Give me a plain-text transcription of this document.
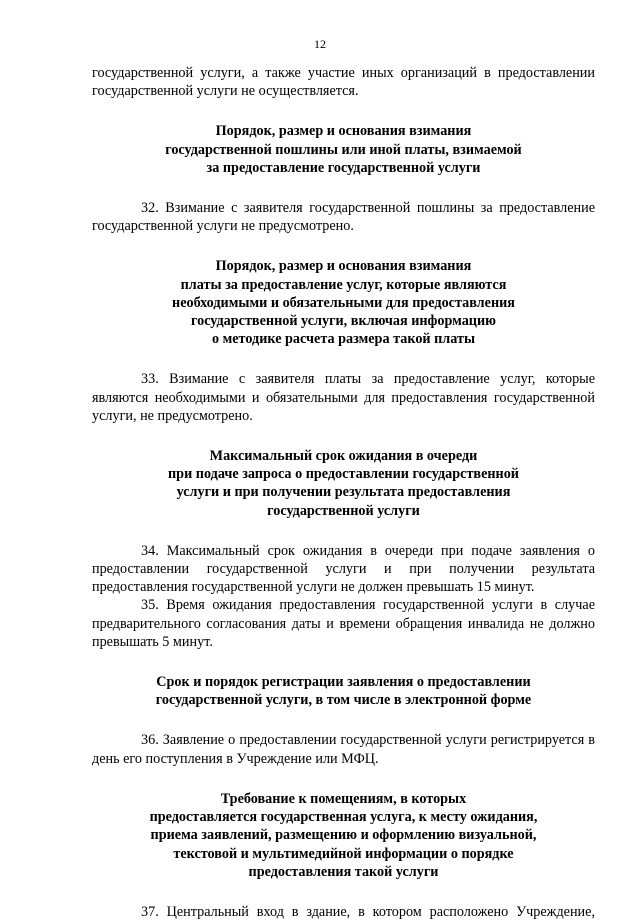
12

государственной услуги, а также участие иных организаций в предоставлении государственной услуги не осуществляется.

Порядок, размер и основания взимания
государственной пошлины или иной платы, взимаемой
за предоставление государственной услуги

32. Взимание с заявителя государственной пошлины за предоставление государственной услуги не предусмотрено.

Порядок, размер и основания взимания
платы за предоставление услуг, которые являются
необходимыми и обязательными для предоставления
государственной услуги, включая информацию
о методике расчета размера такой платы

33. Взимание с заявителя платы за предоставление услуг, которые являются необходимыми и обязательными для предоставления государственной услуги, не предусмотрено.

Максимальный срок ожидания в очереди
при подаче запроса о предоставлении государственной
услуги и при получении результата предоставления
государственной услуги

34. Максимальный срок ожидания в очереди при подаче заявления о предоставлении государственной услуги и при получении результата предоставления государственной услуги не должен превышать 15 минут.

35. Время ожидания предоставления государственной услуги в случае предварительного согласования даты и времени обращения инвалида не должно превышать 5 минут.

Срок и порядок регистрации заявления о предоставлении
государственной услуги, в том числе в электронной форме

36. Заявление о предоставлении государственной услуги регистрируется в день его поступления в Учреждение или МФЦ.

Требование к помещениям, в которых
предоставляется государственная услуга, к месту ожидания,
приема заявлений, размещению и оформлению визуальной,
текстовой и мультимедийной информации о порядке
предоставления такой услуги

37. Центральный вход в здание, в котором расположено Учреждение,
